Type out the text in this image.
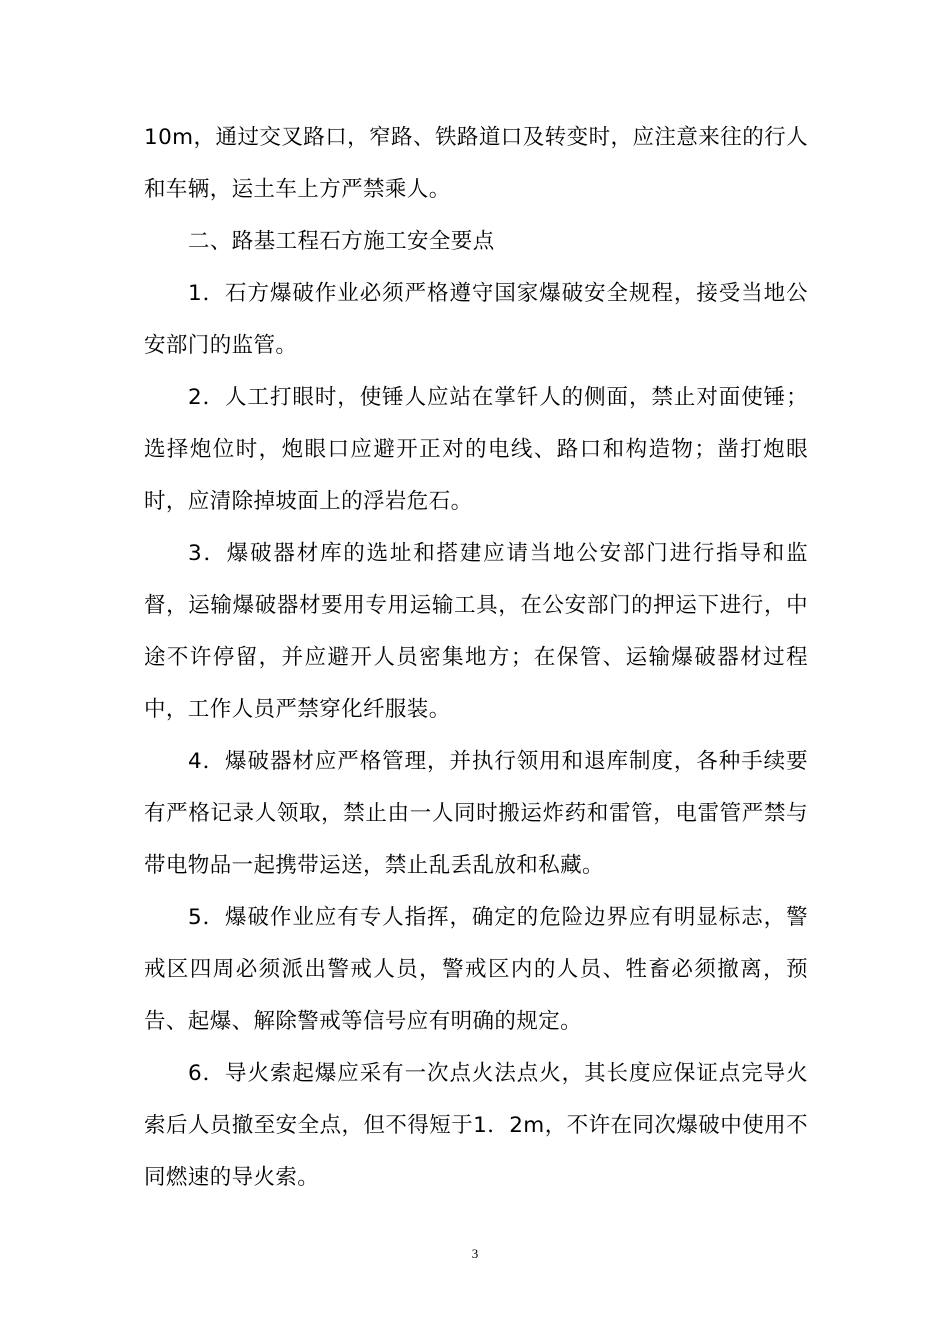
10m，通过交叉路口，窄路、铁路道口及转变时，应注意来往的行人和车辆，运土车上方严禁乘人。

二、路基工程石方施工安全要点

1．石方爆破作业必须严格遵守国家爆破安全规程，接受当地公安部门的监管。

2．人工打眼时，使锤人应站在掌钎人的侧面，禁止对面使锤；选择炮位时，炮眼口应避开正对的电线、路口和构造物；凿打炮眼时，应清除掉坡面上的浮岩危石。

3．爆破器材库的选址和搭建应请当地公安部门进行指导和监督，运输爆破器材要用专用运输工具，在公安部门的押运下进行，中途不许停留，并应避开人员密集地方；在保管、运输爆破器材过程中，工作人员严禁穿化纤服装。

4．爆破器材应严格管理，并执行领用和退库制度，各种手续要有严格记录人领取，禁止由一人同时搬运炸药和雷管，电雷管严禁与带电物品一起携带运送，禁止乱丢乱放和私藏。

5．爆破作业应有专人指挥，确定的危险边界应有明显标志，警戒区四周必须派出警戒人员，警戒区内的人员、牲畜必须撤离，预告、起爆、解除警戒等信号应有明确的规定。

6．导火索起爆应采有一次点火法点火，其长度应保证点完导火索后人员撤至安全点，但不得短于1．2m，不许在同次爆破中使用不同燃速的导火索。

3
